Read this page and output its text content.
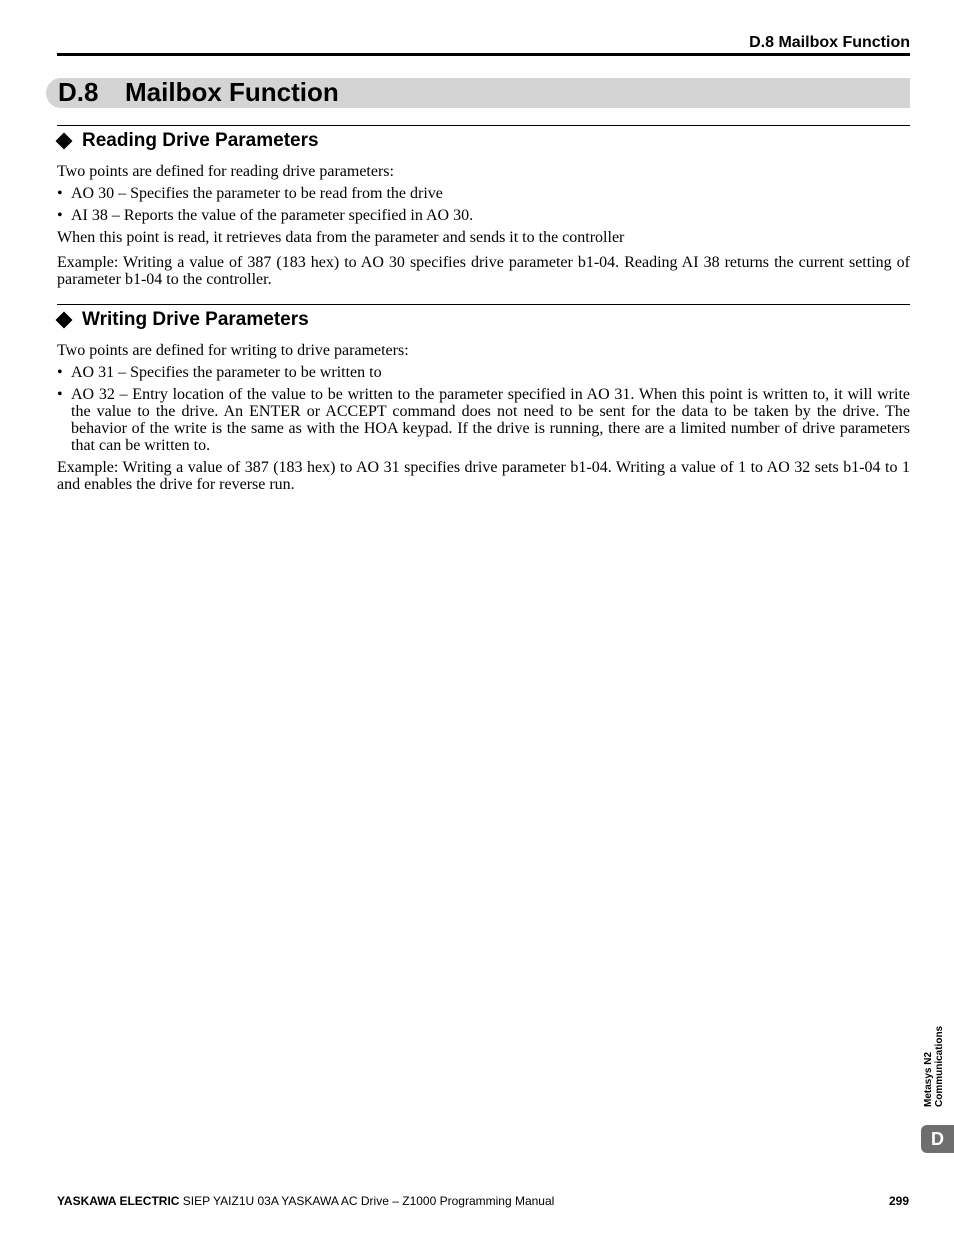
D.8 Mailbox Function
D.8 Mailbox Function
Reading Drive Parameters
Two points are defined for reading drive parameters:
• AO 30 – Specifies the parameter to be read from the drive
• AI 38 – Reports the value of the parameter specified in AO 30.
When this point is read, it retrieves data from the parameter and sends it to the controller
Example: Writing a value of 387 (183 hex) to AO 30 specifies drive parameter b1-04. Reading AI 38 returns the current setting of parameter b1-04 to the controller.
Writing Drive Parameters
Two points are defined for writing to drive parameters:
• AO 31 – Specifies the parameter to be written to
• AO 32 – Entry location of the value to be written to the parameter specified in AO 31. When this point is written to, it will write the value to the drive. An ENTER or ACCEPT command does not need to be sent for the data to be taken by the drive. The behavior of the write is the same as with the HOA keypad. If the drive is running, there are a limited number of drive parameters that can be written to.
Example: Writing a value of 387 (183 hex) to AO 31 specifies drive parameter b1-04. Writing a value of 1 to AO 32 sets b1-04 to 1 and enables the drive for reverse run.
Metasys N2
Communications
D
YASKAWA ELECTRIC SIEP YAIZ1U 03A YASKAWA AC Drive – Z1000 Programming Manual	299
